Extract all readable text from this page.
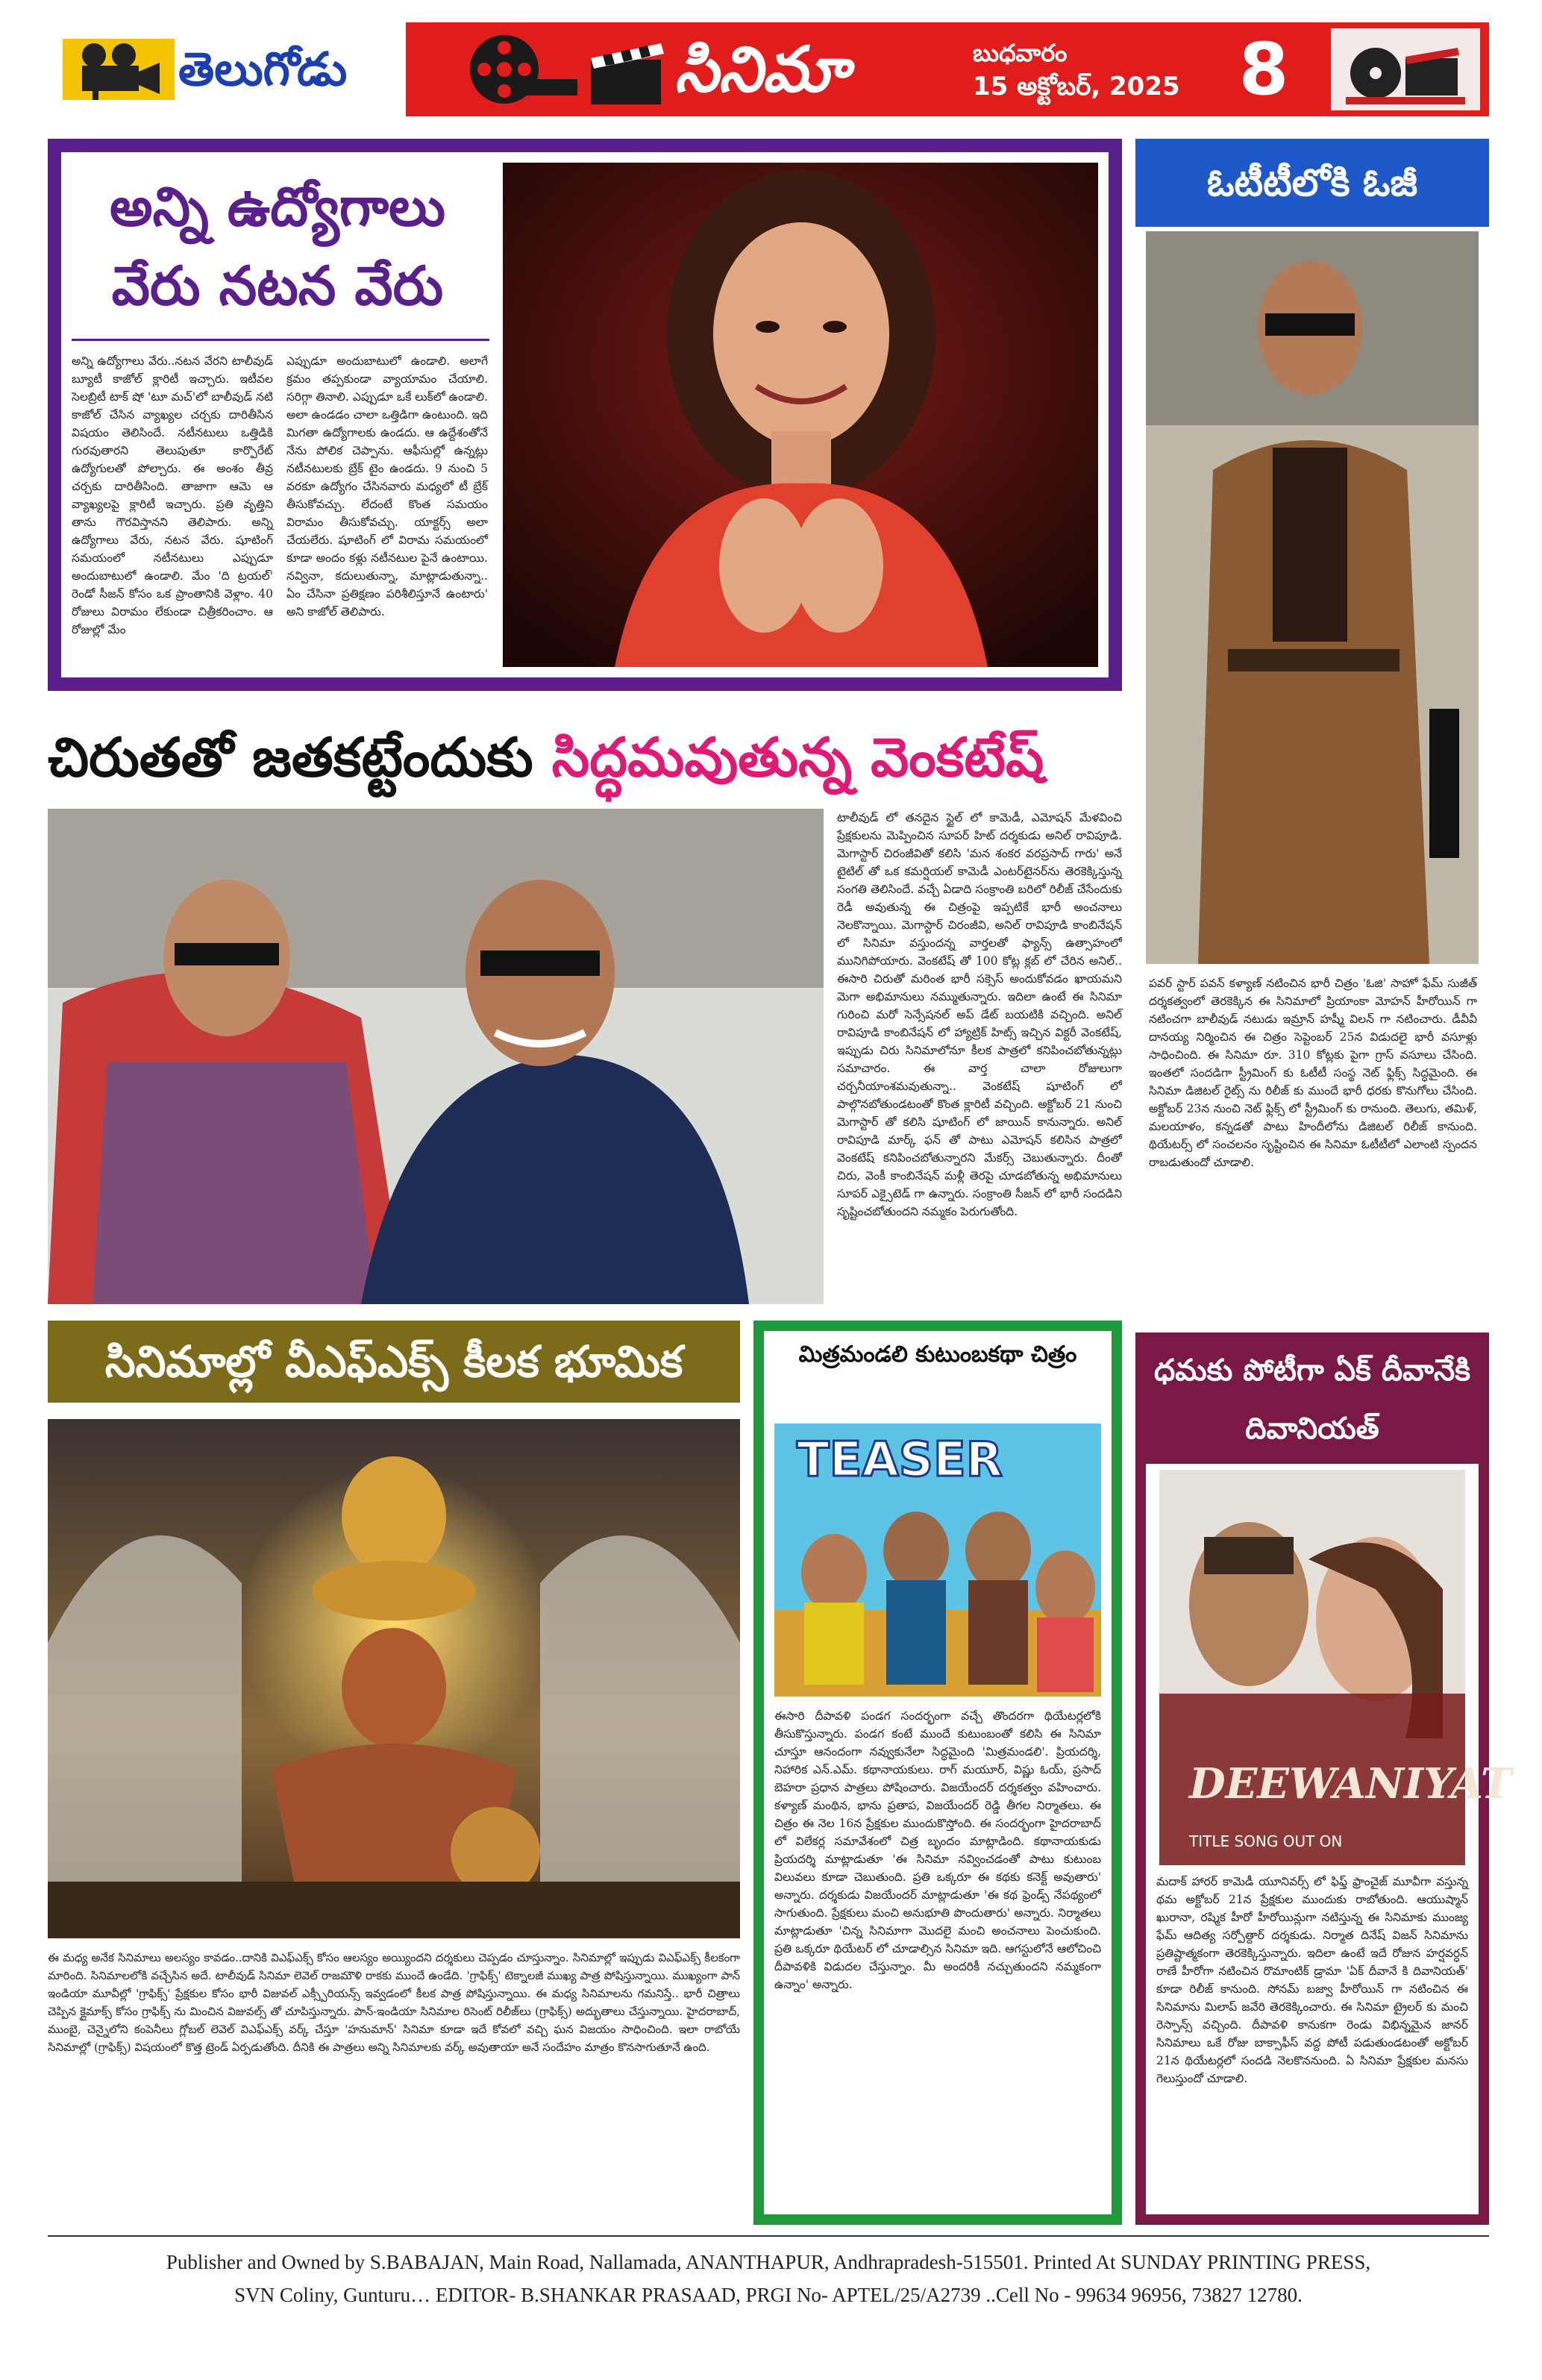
తెలుగోడు	సినిమా	బుధవారం
15 అక్టోబర్, 2025 8
అన్ని ఉద్యోగాలు వేరు నటన వేరు
అన్ని ఉద్యోగాలు వేరు..నటన వేరని టాలీవుడ్ బ్యూటీ కాజోల్ క్లారిటీ ఇచ్చారు. ఇటీవల సెలబ్రిటీ టాక్ షో 'టూ మచ్'లో బాలీవుడ్ నటి కాజోల్ చేసిన వ్యాఖ్యల చర్చకు దారితీసిన విషయం తెలిసిందే. నటీనటులు ఒత్తిడికి గురవుతారని తెలుపుతూ కార్పొరేట్ ఉద్యోగులతో పోల్చారు. ఈ అంశం తీవ్ర చర్చకు దారితీసింది. తాజాగా ఆమె ఆ వ్యాఖ్యలపై క్లారిటీ ఇచ్చారు. ప్రతి వృత్తిని తాను గౌరవిస్తానని తెలిపారు. అన్ని ఉద్యోగాలు వేరు, నటన వేరు. షూటింగ్ సమయంలో నటీనటులు ఎప్పుడూ అందుబాటులో ఉండాలి. మేం 'ది ట్రయల్' రెండో సీజన్ కోసం ఒక ప్రాంతానికి వెళ్లాం. 40 రోజులు విరామం లేకుండా చిత్రీకరించాం. ఆ రోజుల్లో మేం
ఎప్పుడూ అందుబాటులో ఉండాలి. అలాగే క్రమం తప్పకుండా వ్యాయామం చేయాలి. సరిగ్గా తినాలి. ఎప్పుడూ ఒకే లుక్‌లో ఉండాలి. అలా ఉండడం చాలా ఒత్తిడిగా ఉంటుంది. ఇది మిగతా ఉద్యోగాలకు ఉండదు. ఆ ఉద్దేశంతోనే నేను పోలిక చెప్పాను. ఆఫీసుల్లో ఉన్నట్లు నటీనటులకు బ్రేక్ టైం ఉండదు. 9 నుంచి 5 వరకూ ఉద్యోగం చేసినవారు మధ్యలో టీ బ్రేక్ తీసుకోవచ్చు. లేదంటే కొంత సమయం విరామం తీసుకోవచ్చు. యాక్టర్స్ అలా చేయలేరు. షూటింగ్ లో విరామ సమయంలో కూడా అందం కళ్లు నటీనటుల పైనే ఉంటాయి. నవ్వినా, కదులుతున్నా, మాట్లాడుతున్నా.. ఏం చేసినా ప్రతిక్షణం పరిశీలిస్తూనే ఉంటారు' అని కాజోల్ తెలిపారు.
ఓటీటీలోకి ఓజీ
పవర్ స్టార్ పవన్ కళ్యాణ్ నటించిన భారీ చిత్రం 'ఓజి' సాహో ఫేమ్ సుజీత్ దర్శకత్వంలో తెరకెక్కిన ఈ సినిమాలో ప్రియాంకా మోహన్ హీరోయిన్ గా నటించగా బాలీవుడ్ నటుడు ఇమ్రాన్ హష్మీ విలన్ గా నటించారు. డీవీవీ దానయ్య నిర్మించిన ఈ చిత్రం సెప్టెంబర్ 25న విడుదలై భారీ వసూళ్లు సాధించింది. ఈ సినిమా రూ. 310 కోట్లకు పైగా గ్రాస్ వసూలు చేసింది. ఇంతలో సందడిగా స్ట్రీమింగ్ కు ఓటీటీ సంస్థ నెట్ ఫ్లిక్స్ సిద్ధమైంది. ఈ సినిమా డిజిటల్ రైట్స్ ను రిలీజ్ కు ముందే భారీ ధరకు కొనుగోలు చేసింది. అక్టోబర్ 23న నుంచి నెట్ ఫ్లిక్స్ లో స్ట్రీమింగ్ కు రానుంది. తెలుగు, తమిళ్, మలయాళం, కన్నడతో పాటు హిందీలోను డిజిటల్ రిలీజ్ కానుంది. థియేటర్స్ లో సంచలనం సృష్టించిన ఈ సినిమా ఓటీటీలో ఎలాంటి స్పందన రాబడుతుందో చూడాలి.
చిరుతతో జతకట్టేందుకు సిద్ధమవుతున్న వెంకటేష్
టాలీవుడ్ లో తనదైన స్టైల్ లో కామెడీ, ఎమోషన్ మేళవించి ప్రేక్షకులను మెప్పించిన సూపర్ హిట్ దర్శకుడు అనిల్ రావిపూడి. మెగాస్టార్ చిరంజీవితో కలిసి 'మన శంకర వరప్రసాద్ గారు' అనే టైటిల్ తో ఒక కమర్షియల్ కామెడీ ఎంటర్‌టైనర్‌ను తెరకెక్కిస్తున్న సంగతి తెలిసిందే. వచ్చే ఏడాది సంక్రాంతి బరిలో రిలీజ్ చేసేందుకు రెడీ అవుతున్న ఈ చిత్రంపై ఇప్పటికే భారీ అంచనాలు నెలకొన్నాయి. మెగాస్టార్ చిరంజీవి, అనిల్ రావిపూడి కాంబినేషన్ లో సినిమా వస్తుందన్న వార్తలతో ఫ్యాన్స్ ఉత్సాహంలో మునిగిపోయారు. వెంకటేష్ తో 100 కోట్ల క్లబ్ లో చేరిన అనిల్.. ఈసారి చిరుతో మరింత భారీ సక్సెస్ అందుకోవడం ఖాయమని మెగా అభిమానులు నమ్ముతున్నారు. ఇదిలా ఉంటే ఈ సినిమా గురించి మరో సెన్సేషనల్ అప్ డేట్ బయటికి వచ్చింది. అనిల్ రావిపూడి కాంబినేషన్ లో హ్యాట్రిక్ హిట్స్ ఇచ్చిన విక్టరీ వెంకటేష్, ఇప్పుడు చిరు సినిమాలోనూ కీలక పాత్రలో కనిపించబోతున్నట్లు సమాచారం. ఈ వార్త చాలా రోజులుగా చర్చనీయాంశమవుతున్నా.. వెంకటేష్ షూటింగ్ లో పాల్గొనబోతుండటంతో కొంత క్లారిటీ వచ్చింది. అక్టోబర్ 21 నుంచి మెగాస్టార్ తో కలిసి షూటింగ్ లో జాయిన్ కానున్నారు. అనిల్ రావిపూడి మార్క్ ఫన్ తో పాటు ఎమోషన్ కలిసిన పాత్రలో వెంకటేష్ కనిపించబోతున్నారని మేకర్స్ చెబుతున్నారు. దీంతో చిరు, వెంకీ కాంబినేషన్ మళ్లీ తెరపై చూడబోతున్న అభిమానులు సూపర్ ఎక్సైటెడ్ గా ఉన్నారు. సంక్రాంతి సీజన్ లో భారీ సందడిని సృష్టించబోతుందని నమ్మకం పెరుగుతోంది.
సినిమాల్లో వీఎఫ్ఎక్స్ కీలక భూమిక
ఈ మధ్య అనేక సినిమాలు అలస్యం కావడం..దానికి విఎఫ్ఎక్స్ కోసం ఆలస్యం అయ్యిందని దర్శకులు చెప్పడం చూస్తున్నాం. సినిమాల్లో ఇప్పుడు విఎఫ్ఎక్స్ కీలకంగా మారింది. సినిమాలలోకి వచ్చేసిన అదే. టాలీవుడ్ సినిమా లెవెల్ రాజమౌళి రాకకు ముందే ఉండేది. 'గ్రాఫిక్స్' టెక్నాలజీ ముఖ్య పాత్ర పోషిస్తున్నాయి. ముఖ్యంగా పాన్ ఇండియా మూవీల్లో 'గ్రాఫిక్స్' ప్రేక్షకుల కోసం భారీ విజువల్ ఎక్స్పీరియన్స్ ఇవ్వడంలో కీలక పాత్ర పోషిస్తున్నాయి. ఈ మధ్య సినిమాలను గమనిస్తే.. భారీ చిత్రాలు చెప్పిన క్లైమాక్స్ కోసం గ్రాఫిక్స్ ను మించిన విజువల్స్ తో చూపిస్తున్నారు. పాన్-ఇండియా సినిమాల రిసెంట్ రిలీజ్‌లు (గ్రాఫిక్స్) అద్భుతాలు చేస్తున్నాయి. హైదరాబాద్, ముంబై, చెన్నైలోని కంపెనీలు గ్లోబల్ లెవెల్ విఎఫ్ఎక్స్ వర్క్ చేస్తూ 'హనుమాన్' సినిమా కూడా ఇదే కోవలో వచ్చి ఘన విజయం సాధించింది. ఇలా రాబోయే సినిమాల్లో (గ్రాఫిక్స్) విషయంలో కొత్త ట్రెండ్ ఏర్పడుతోంది. దీనికి ఈ పాత్రలు అన్ని సినిమాలకు వర్క్ అవుతాయా అనే సందేహం మాత్రం కొనసాగుతూనే ఉంది.
మిత్రమండలి కుటుంబకథా చిత్రం
TEASER
ఈసారి దీపావళి పండగ సందర్భంగా వచ్చే తొందరగా థియేటర్లలోకి తీసుకొస్తున్నారు. పండగ కంటే ముందే కుటుంబంతో కలిసి ఈ సినిమా చూస్తూ ఆనందంగా నవ్వుకునేలా సిద్ధమైంది 'మిత్రమండలి'. ప్రియదర్శి, నిహారిక ఎన్.ఎమ్. కథానాయకులు. రాగ్ మయూర్, విష్ణు ఓయ్, ప్రసాద్ బెహరా ప్రధాన పాత్రలు పోషించారు. విజయేందర్ దర్శకత్వం వహించారు. కళ్యాణ్ మంథిన, భాను ప్రతాప, విజయేందర్ రెడ్డి తీగల నిర్మాతలు. ఈ చిత్రం ఈ నెల 16న ప్రేక్షకుల ముందుకొస్తోంది. ఈ సందర్భంగా హైదరాబాద్ లో విలేకర్ల సమావేశంలో చిత్ర బృందం మాట్లాడింది. కథానాయకుడు ప్రియదర్శి మాట్లాడుతూ 'ఈ సినిమా నవ్వించడంతో పాటు కుటుంబ విలువలు కూడా చెబుతుంది. ప్రతి ఒక్కరూ ఈ కథకు కనెక్ట్ అవుతారు' అన్నారు. దర్శకుడు విజయేందర్ మాట్లాడుతూ 'ఈ కథ ఫ్రెండ్స్ నేపథ్యంలో సాగుతుంది. ప్రేక్షకులు మంచి అనుభూతి పొందుతారు' అన్నారు. నిర్మాతలు మాట్లాడుతూ 'చిన్న సినిమాగా మొదలై మంచి అంచనాలు పెంచుకుంది. ప్రతి ఒక్కరూ థియేటర్ లో చూడాల్సిన సినిమా ఇది. ఆగస్టులోనే ఆలోచించి దీపావళికి విడుదల చేస్తున్నాం. మీ అందరికీ నచ్చుతుందని నమ్మకంగా ఉన్నాం' అన్నారు.
ధమకు పోటీగా ఏక్ దీవానేకి దివానియత్
DEEWANIYAT
TITLE SONG OUT ON
మదాక్ హారర్ కామెడీ యూనివర్స్ లో ఫిఫ్త్ ఫ్రాంచైజ్ మూవీగా వస్తున్న థమ అక్టోబర్ 21న ప్రేక్షకుల ముందుకు రాబోతుంది. ఆయుష్మాన్ ఖురానా, రష్మిక హీరో హీరోయిన్లుగా నటిస్తున్న ఈ సినిమాకు ముంజ్య ఫేమ్ ఆదిత్య సర్పోత్దార్ దర్శకుడు. నిర్మాత దినేష్ విజన్ సినిమాను ప్రతిష్టాత్మకంగా తెరకెక్కిస్తున్నారు. ఇదిలా ఉంటే ఇదే రోజున హర్షవర్ధన్ రాణే హీరోగా నటించిన రొమాంటిక్ డ్రామా 'ఏక్ దీవానే కి దివానియత్' కూడా రిలీజ్ కానుంది. సోనమ్ బజ్వా హీరోయిన్ గా నటించిన ఈ సినిమాను మిలాప్ జవేరి తెరకెక్కించారు. ఈ సినిమా ట్రైలర్ కు మంచి రెస్పాన్స్ వచ్చింది. దీపావళి కానుకగా రెండు విభిన్నమైన జానర్ సినిమాలు ఒకే రోజు బాక్సాఫీస్ వద్ద పోటీ పడుతుండటంతో అక్టోబర్ 21న థియేటర్లలో సందడి నెలకొననుంది. ఏ సినిమా ప్రేక్షకుల మనసు గెలుస్తుందో చూడాలి.
Publisher and Owned by S.BABAJAN, Main Road, Nallamada, ANANTHAPUR, Andhrapradesh-515501. Printed At SUNDAY PRINTING PRESS,
SVN Coliny, Gunturu… EDITOR- B.SHANKAR PRASAAD, PRGI No- APTEL/25/A2739 ..Cell No - 99634 96956, 73827 12780.
